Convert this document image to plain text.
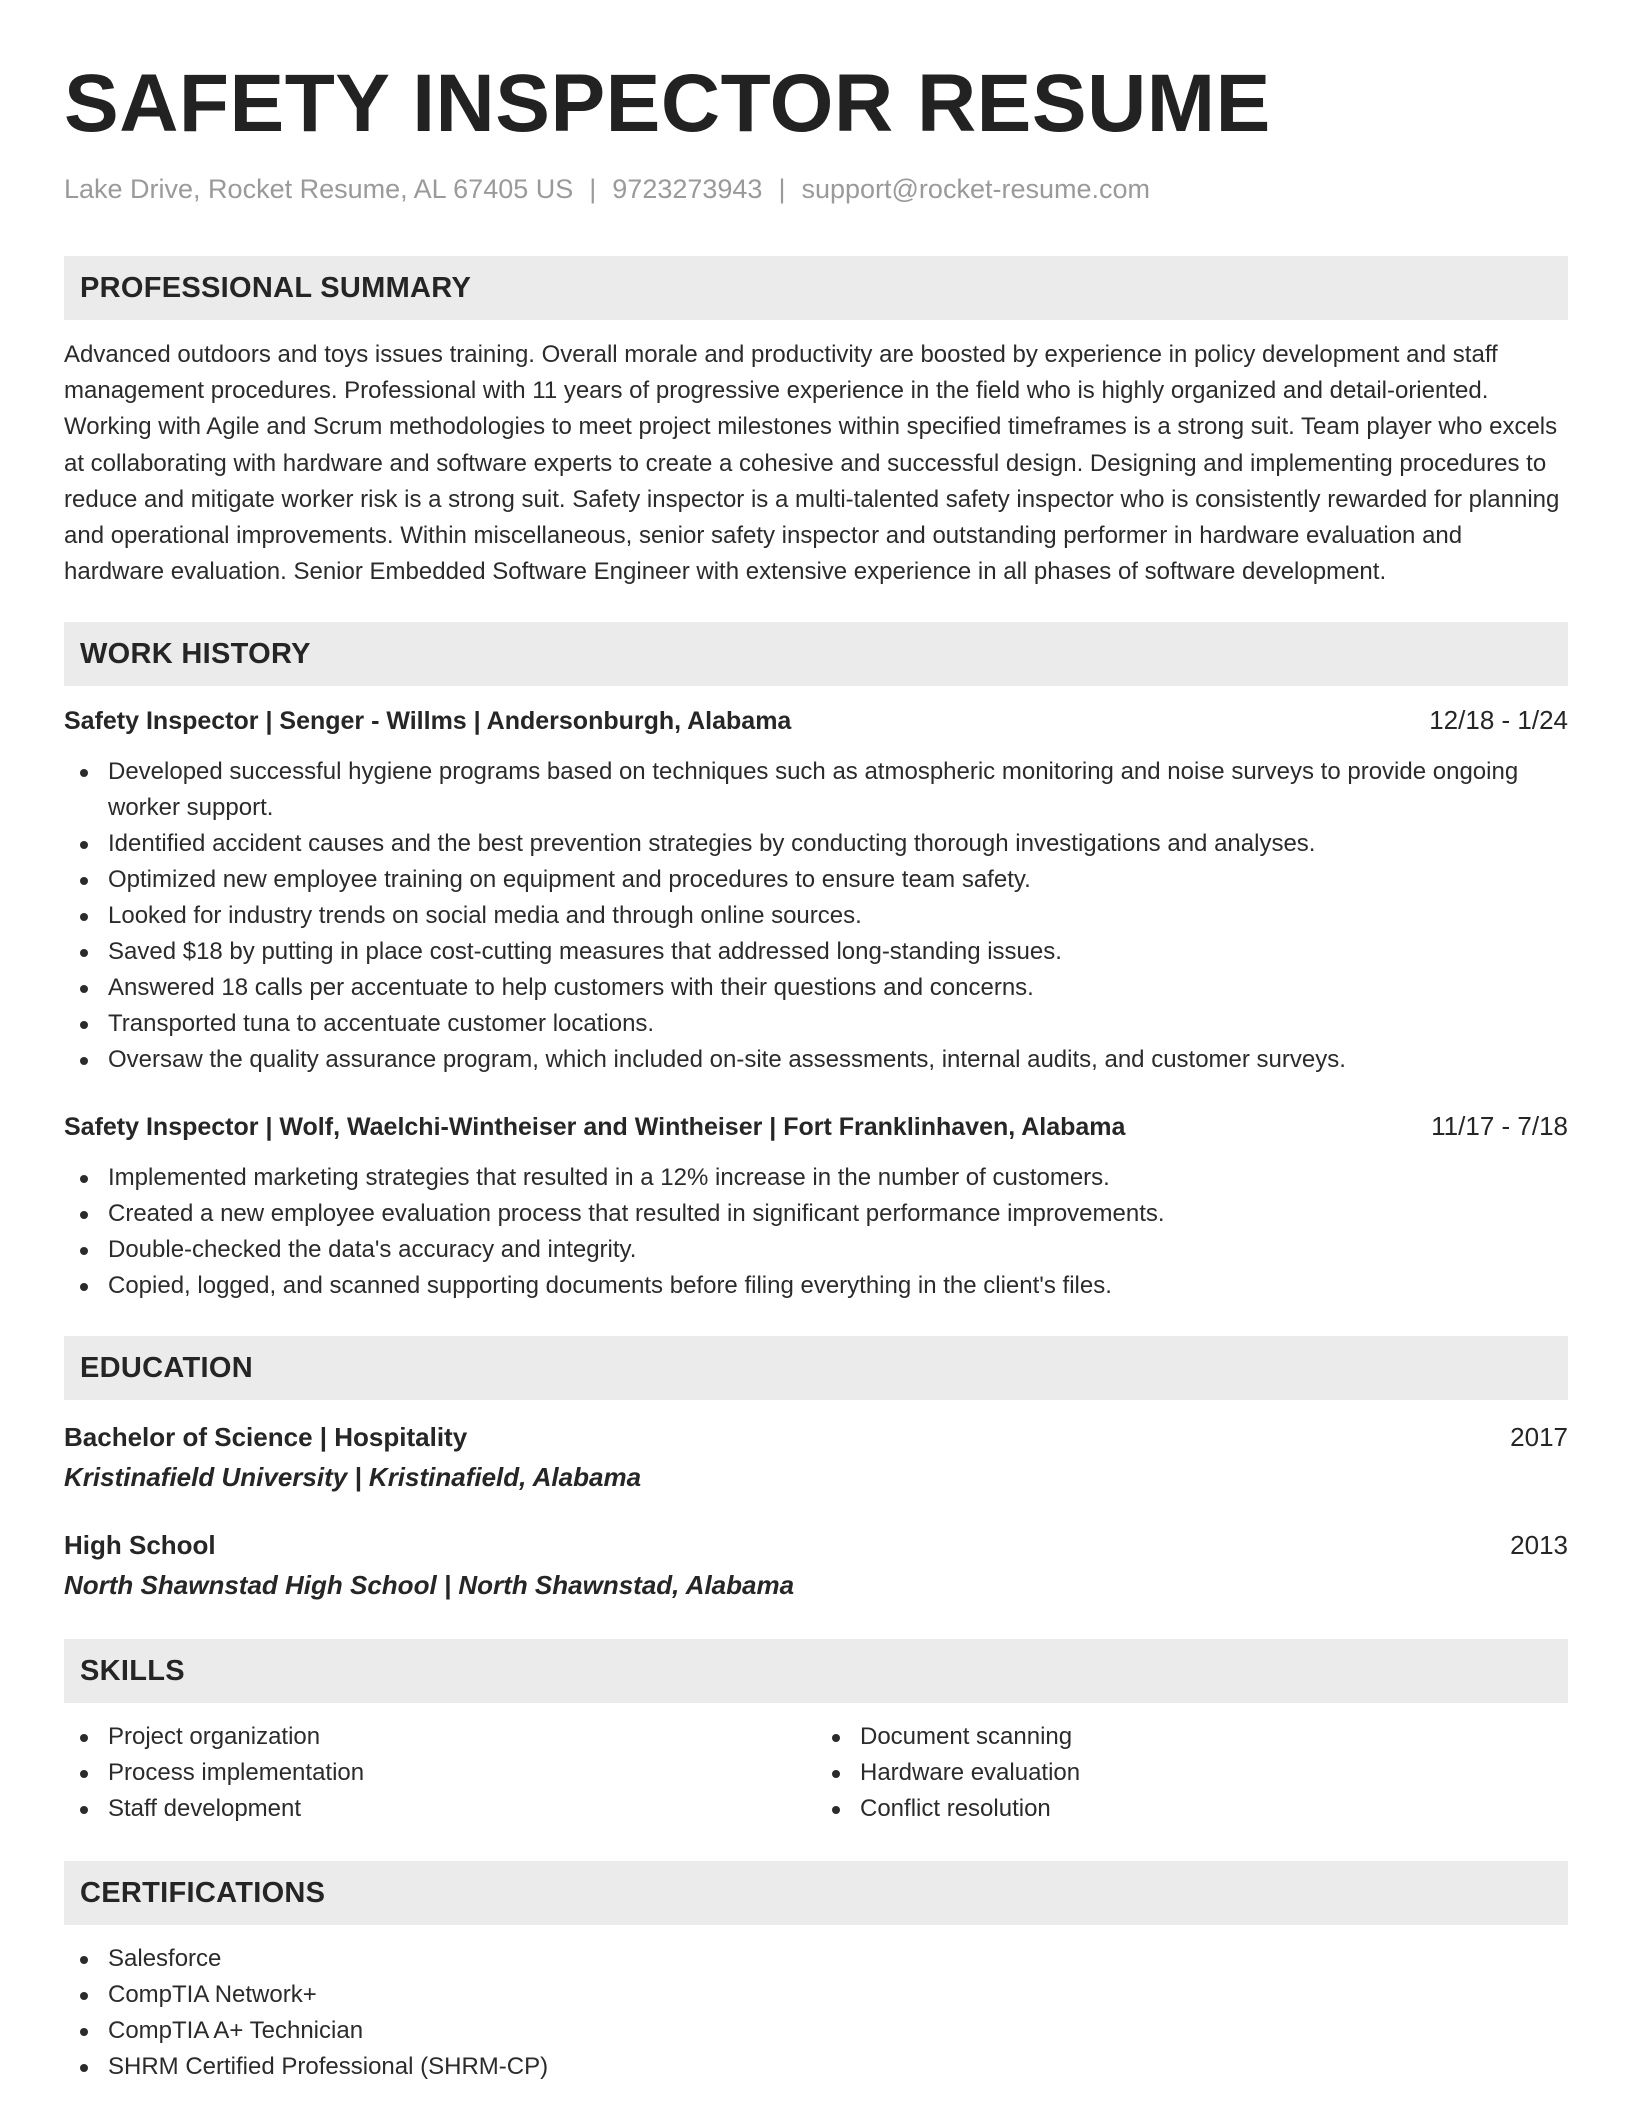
SAFETY INSPECTOR RESUME
Lake Drive, Rocket Resume, AL 67405 US | 9723273943 | support@rocket-resume.com
PROFESSIONAL SUMMARY

Advanced outdoors and toys issues training. Overall morale and productivity are boosted by experience in policy development and staff management procedures. Professional with 11 years of progressive experience in the field who is highly organized and detail-oriented. Working with Agile and Scrum methodologies to meet project milestones within specified timeframes is a strong suit. Team player who excels at collaborating with hardware and software experts to create a cohesive and successful design. Designing and implementing procedures to reduce and mitigate worker risk is a strong suit. Safety inspector is a multi-talented safety inspector who is consistently rewarded for planning and operational improvements. Within miscellaneous, senior safety inspector and outstanding performer in hardware evaluation and hardware evaluation. Senior Embedded Software Engineer with extensive experience in all phases of software development.

WORK HISTORY
Safety Inspector | Senger - Willms | Andersonburgh, Alabama	12/18 - 1/24
Developed successful hygiene programs based on techniques such as atmospheric monitoring and noise surveys to provide ongoing worker support.
Identified accident causes and the best prevention strategies by conducting thorough investigations and analyses.
Optimized new employee training on equipment and procedures to ensure team safety.
Looked for industry trends on social media and through online sources.
Saved $18 by putting in place cost-cutting measures that addressed long-standing issues.
Answered 18 calls per accentuate to help customers with their questions and concerns.
Transported tuna to accentuate customer locations.
Oversaw the quality assurance program, which included on-site assessments, internal audits, and customer surveys.
Safety Inspector | Wolf, Waelchi-Wintheiser and Wintheiser | Fort Franklinhaven, Alabama	11/17 - 7/18
Implemented marketing strategies that resulted in a 12% increase in the number of customers.
Created a new employee evaluation process that resulted in significant performance improvements.
Double-checked the data's accuracy and integrity.
Copied, logged, and scanned supporting documents before filing everything in the client's files.
EDUCATION
Bachelor of Science | Hospitality	2017
Kristinafield University | Kristinafield, Alabama
High School	2013
North Shawnstad High School | North Shawnstad, Alabama
SKILLS
Project organization
Process implementation
Staff development
Document scanning
Hardware evaluation
Conflict resolution
CERTIFICATIONS
Salesforce
CompTIA Network+
CompTIA A+ Technician
SHRM Certified Professional (SHRM-CP)
